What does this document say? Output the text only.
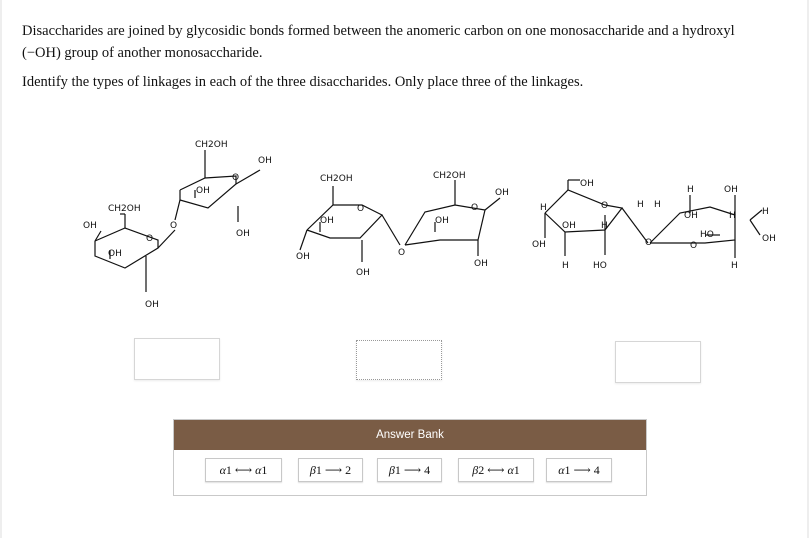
Disaccharides are joined by glycosidic bonds formed between the anomeric carbon on one monosaccharide and a hydroxyl
(−OH) group of another monosaccharide.
Identify the types of linkages in each of the three disaccharides. Only place three of the linkages.
CH2OH
OH
OH
O
OH
O
CH2OH
OH
OH
O
OH
CH2OH
O
OH
OH
OH
O
CH2OH
OH
O
OH
OH
OH
H	O	H H
OH	H
OH
H	HO
O
H	OH
OH	H	H
HO	OH
O
H
Answer Bank
α1 ⟷ α1	β1 ⟶ 2	β1 ⟶ 4	β2 ⟷ α1	α1 ⟶ 4
